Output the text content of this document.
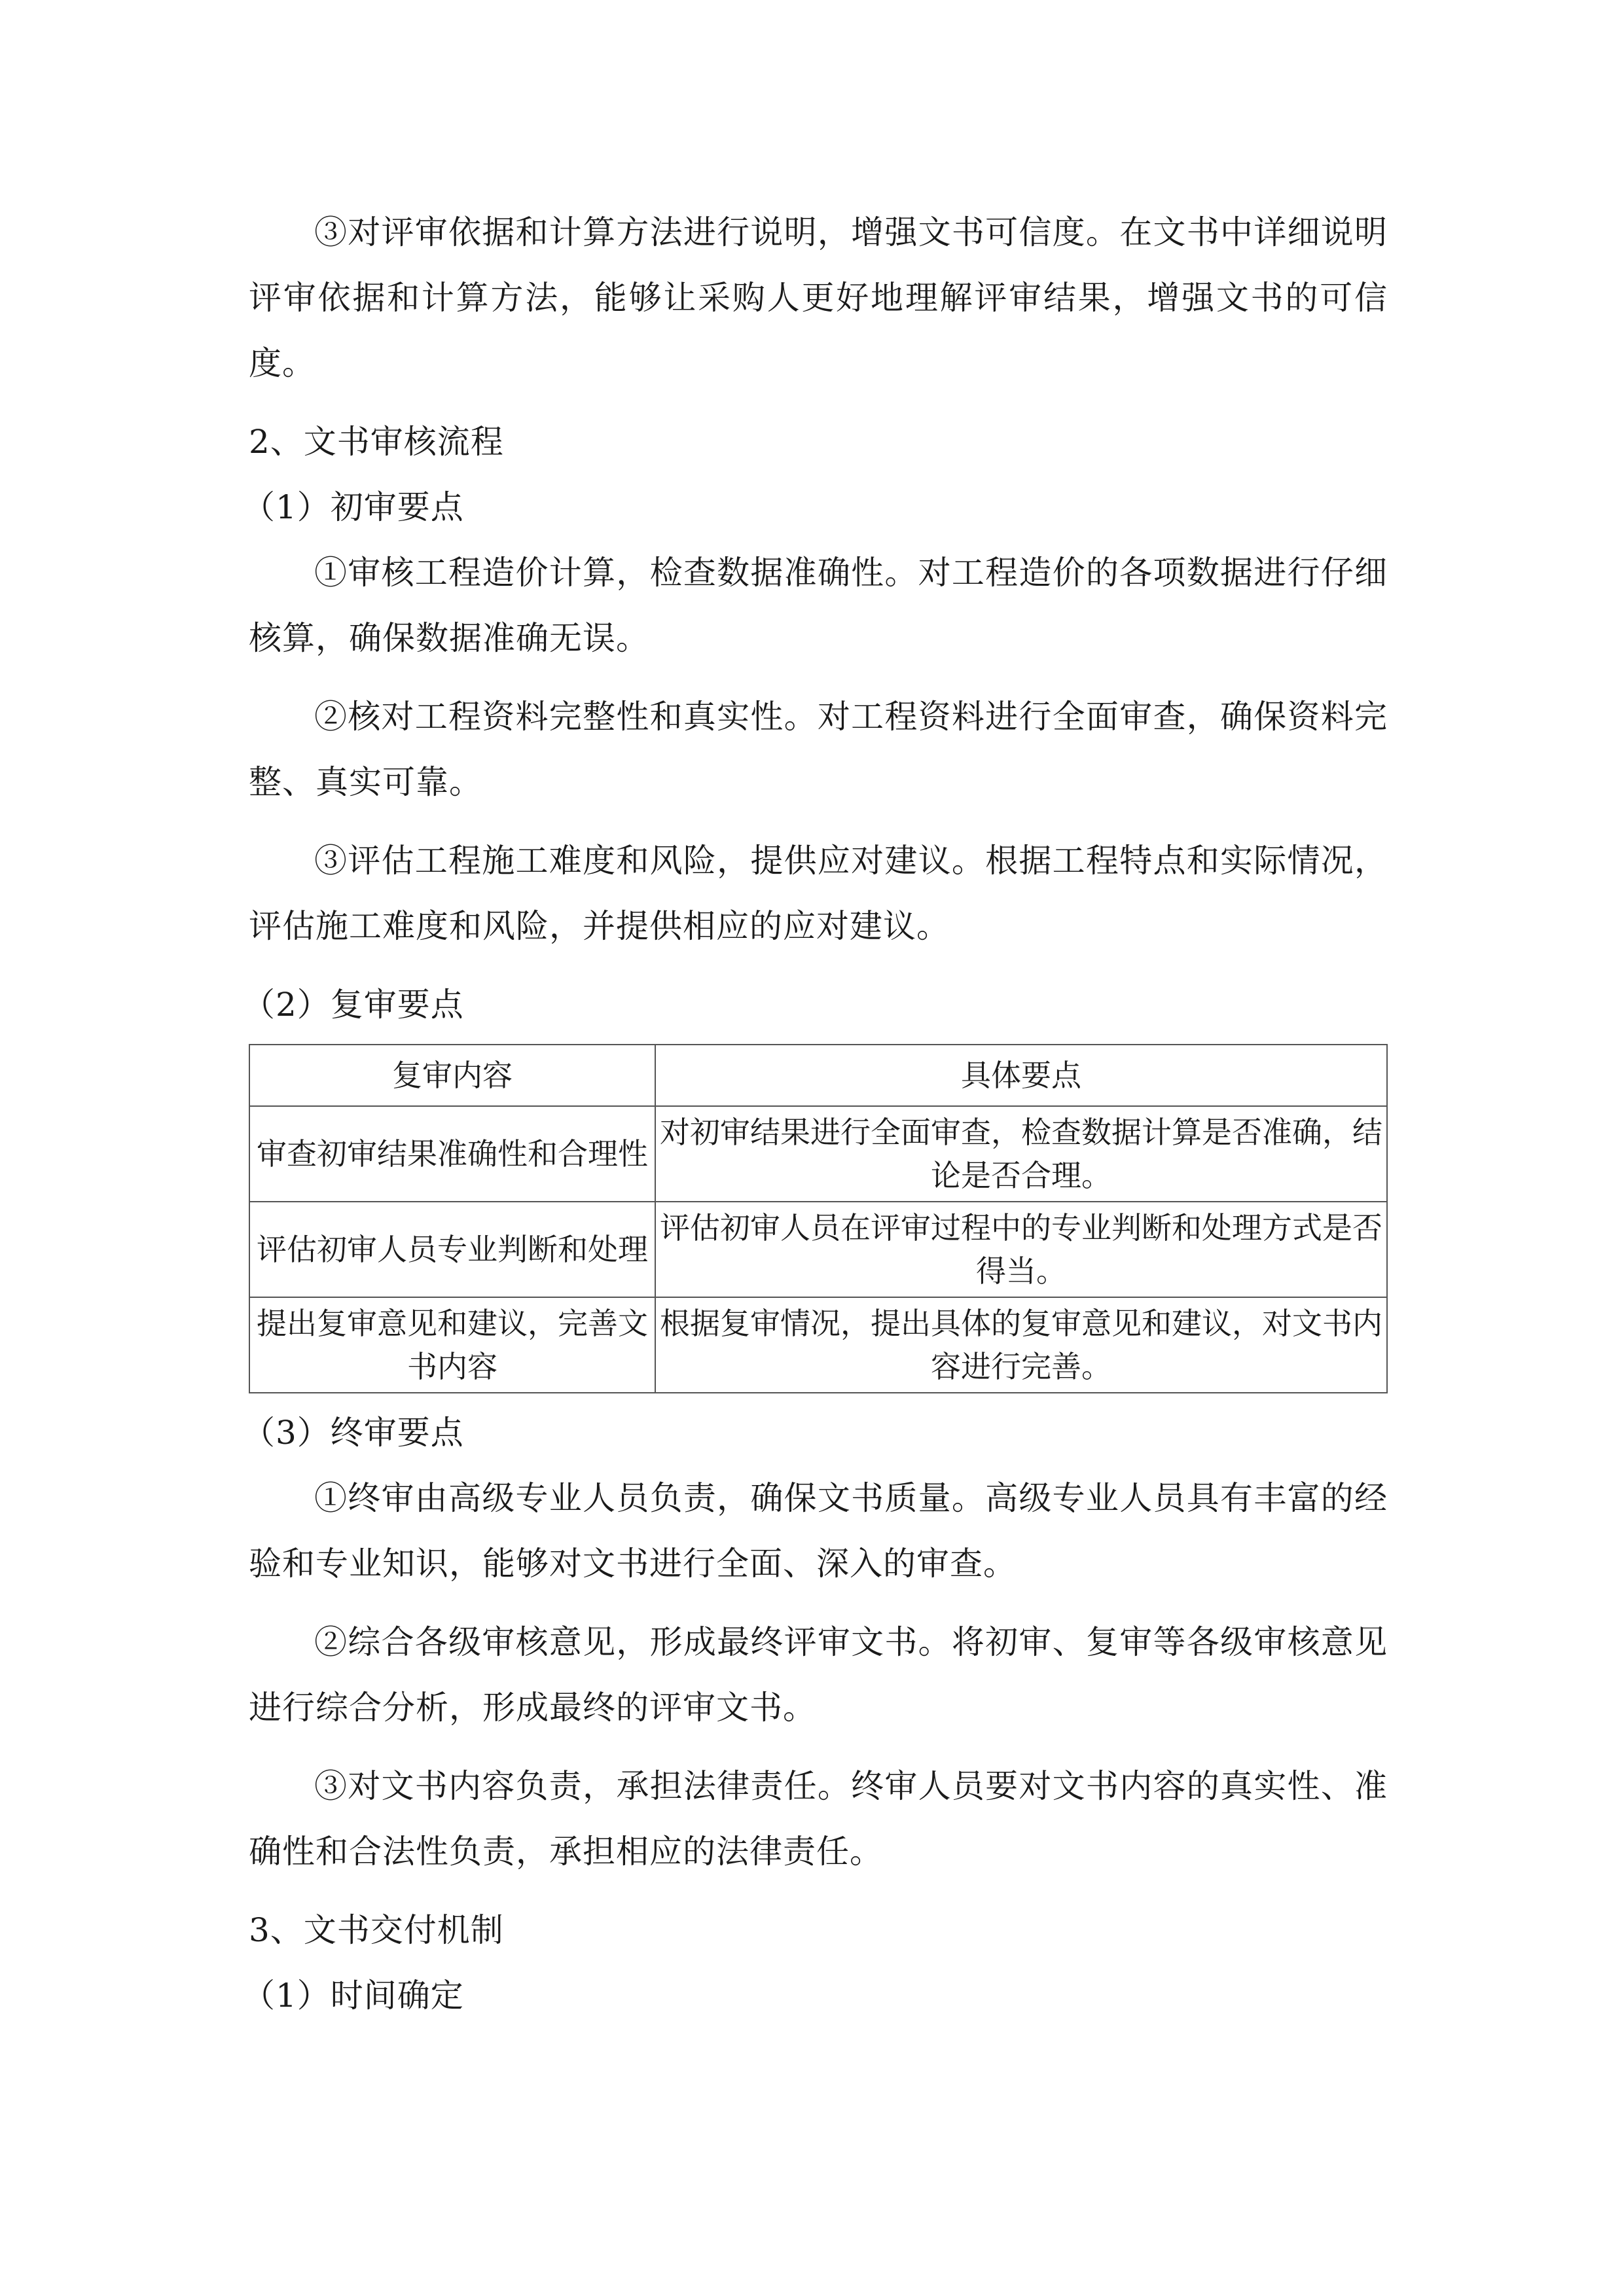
③对评审依据和计算方法进行说明，增强文书可信度。在文书中详细说明评审依据和计算方法，能够让采购人更好地理解评审结果，增强文书的可信度。

2、文书审核流程

（1）初审要点

①审核工程造价计算，检查数据准确性。对工程造价的各项数据进行仔细核算，确保数据准确无误。

②核对工程资料完整性和真实性。对工程资料进行全面审查，确保资料完整、真实可靠。

③评估工程施工难度和风险，提供应对建议。根据工程特点和实际情况，评估施工难度和风险，并提供相应的应对建议。

（2）复审要点

复审内容	具体要点
审查初审结果准确性和合理性	对初审结果进行全面审查，检查数据计算是否准确，结论是否合理。
评估初审人员专业判断和处理	评估初审人员在评审过程中的专业判断和处理方式是否得当。
提出复审意见和建议，完善文书内容	根据复审情况，提出具体的复审意见和建议，对文书内容进行完善。

（3）终审要点

①终审由高级专业人员负责，确保文书质量。高级专业人员具有丰富的经验和专业知识，能够对文书进行全面、深入的审查。

②综合各级审核意见，形成最终评审文书。将初审、复审等各级审核意见进行综合分析，形成最终的评审文书。

③对文书内容负责，承担法律责任。终审人员要对文书内容的真实性、准确性和合法性负责，承担相应的法律责任。

3、文书交付机制

（1）时间确定
